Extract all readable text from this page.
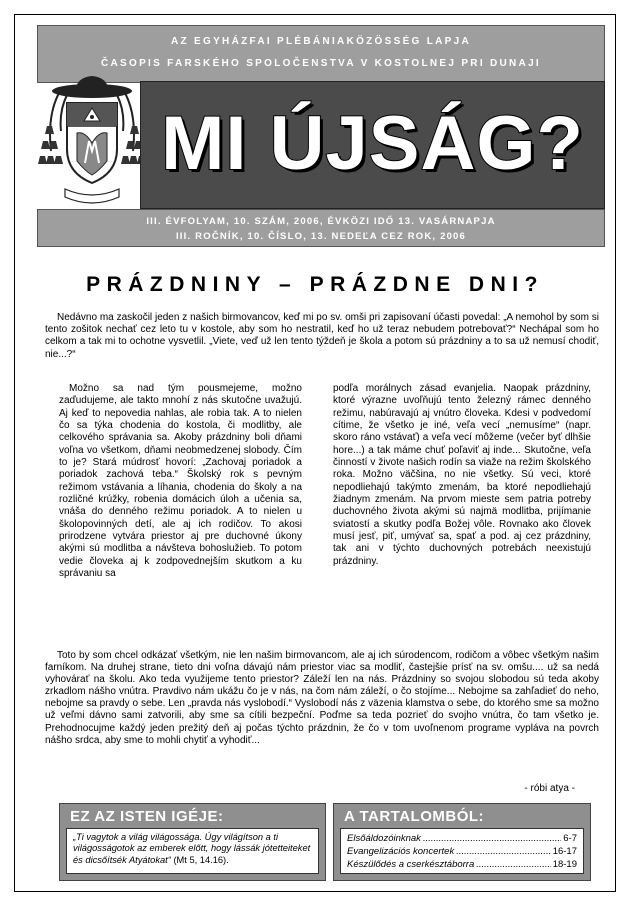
AZ EGYHÁZFAI PLÉBÁNIAKÖZÖSSÉG LAPJA
ČASOPIS FARSKÉHO SPOLOČENSTVA V KOSTOLNEJ PRI DUNAJI
MI ÚJSÁG?
III. ÉVFOLYAM, 10. SZÁM, 2006, ÉVKÖZI IDŐ 13. VASÁRNAPJA
III. ROČNÍK, 10. ČÍSLO, 13. NEDEĽA CEZ ROK, 2006
PRÁZDNINY – PRÁZDNE DNI?

Nedávno ma zaskočil jeden z našich birmovancov, keď mi po sv. omši pri zapisovaní účasti povedal: „A nemohol by som si tento zošitok nechať cez leto tu v kostole, aby som ho nestratil, keď ho už teraz nebudem potrebovať?“ Nechápal som ho celkom a tak mi to ochotne vysvetlil. „Viete, veď už len tento týždeň je škola a potom sú prázdniny a to sa už nemusí chodiť, nie...?“

Možno sa nad tým pousmejeme, možno zaďudujeme, ale takto mnohí z nás skutočne uvažujú. Aj keď to nepovedia nahlas, ale robia tak. A to nielen čo sa týka chodenia do kostola, či modlitby, ale celkového správania sa. Akoby prázdniny boli dňami voľna vo všetkom, dňami neobmedzenej slobody. Čím to je? Stará múdrosť hovorí: „Zachovaj poriadok a poriadok zachová teba.“ Školský rok s pevným režimom vstávania a líhania, chodenia do školy a na rozličné krúžky, robenia domácich úloh a učenia sa, vnáša do denného režimu poriadok. A to nielen u školopovinných detí, ale aj ich rodičov. To akosi prirodzene vytvára priestor aj pre duchovné úkony akými sú modlitba a návšteva bohoslužieb. To potom vedie človeka aj k zodpovednejším skutkom a ku správaniu sa

podľa morálnych zásad evanjelia. Naopak prázdniny, ktoré výrazne uvoľňujú tento železný rámec denného režimu, nabúravajú aj vnútro človeka. Kdesi v podvedomí cítime, že všetko je iné, veľa vecí „nemusíme“ (napr. skoro ráno vstávať) a veľa vecí môžeme (večer byť dlhšie hore...) a tak máme chuť poľaviť aj inde... Skutočne, veľa činností v živote našich rodín sa viaže na režim školského roka. Možno väčšina, no nie všetky. Sú veci, ktoré nepodliehajú takýmto zmenám, ba ktoré nepodliehajú žiadnym zmenám. Na prvom mieste sem patria potreby duchovného života akými sú najmä modlitba, prijímanie sviatostí a skutky podľa Božej vôle. Rovnako ako človek musí jesť, piť, umývať sa, spať a pod. aj cez prázdniny, tak ani v týchto duchovných potrebách neexistujú prázdniny.

Toto by som chcel odkázať všetkým, nie len našim birmovancom, ale aj ich súrodencom, rodičom a vôbec všetkým našim farníkom. Na druhej strane, tieto dni voľna dávajú nám priestor viac sa modliť, častejšie prísť na sv. omšu.... už sa nedá vyhovárať na školu. Ako teda využijeme tento priestor? Záleží len na nás. Prázdniny so svojou slobodou sú teda akoby zrkadlom nášho vnútra. Pravdivo nám ukážu čo je v nás, na čom nám záleží, o čo stojíme... Nebojme sa zahľadieť do neho, nebojme sa pravdy o sebe. Len „pravda nás vyslobodí.“ Vyslobodí nás z väzenia klamstva o sebe, do ktorého sme sa možno už veľmi dávno sami zatvorili, aby sme sa cítili bezpeční. Poďme sa teda pozrieť do svojho vnútra, čo tam všetko je. Prehodnocujme každý jeden prežitý deň aj počas týchto prázdnin, že čo v tom uvoľnenom programe vypláva na povrch nášho srdca, aby sme to mohli chytiť a vyhodiť...

- róbi atya -
EZ AZ ISTEN IGÉJE:
„Ti vagytok a világ világossága. Úgy világítson a ti világosságotok az emberek előtt, hogy lássák jótetteiteket és dicsőítsék Atyátokat“ (Mt 5, 14.16).
A TARTALOMBÓL:
Elsőáldozóinknak .....	6-7
Evangelizációs koncertek .....	16-17
Készülődés a cserkésztáborra .....	18-19
